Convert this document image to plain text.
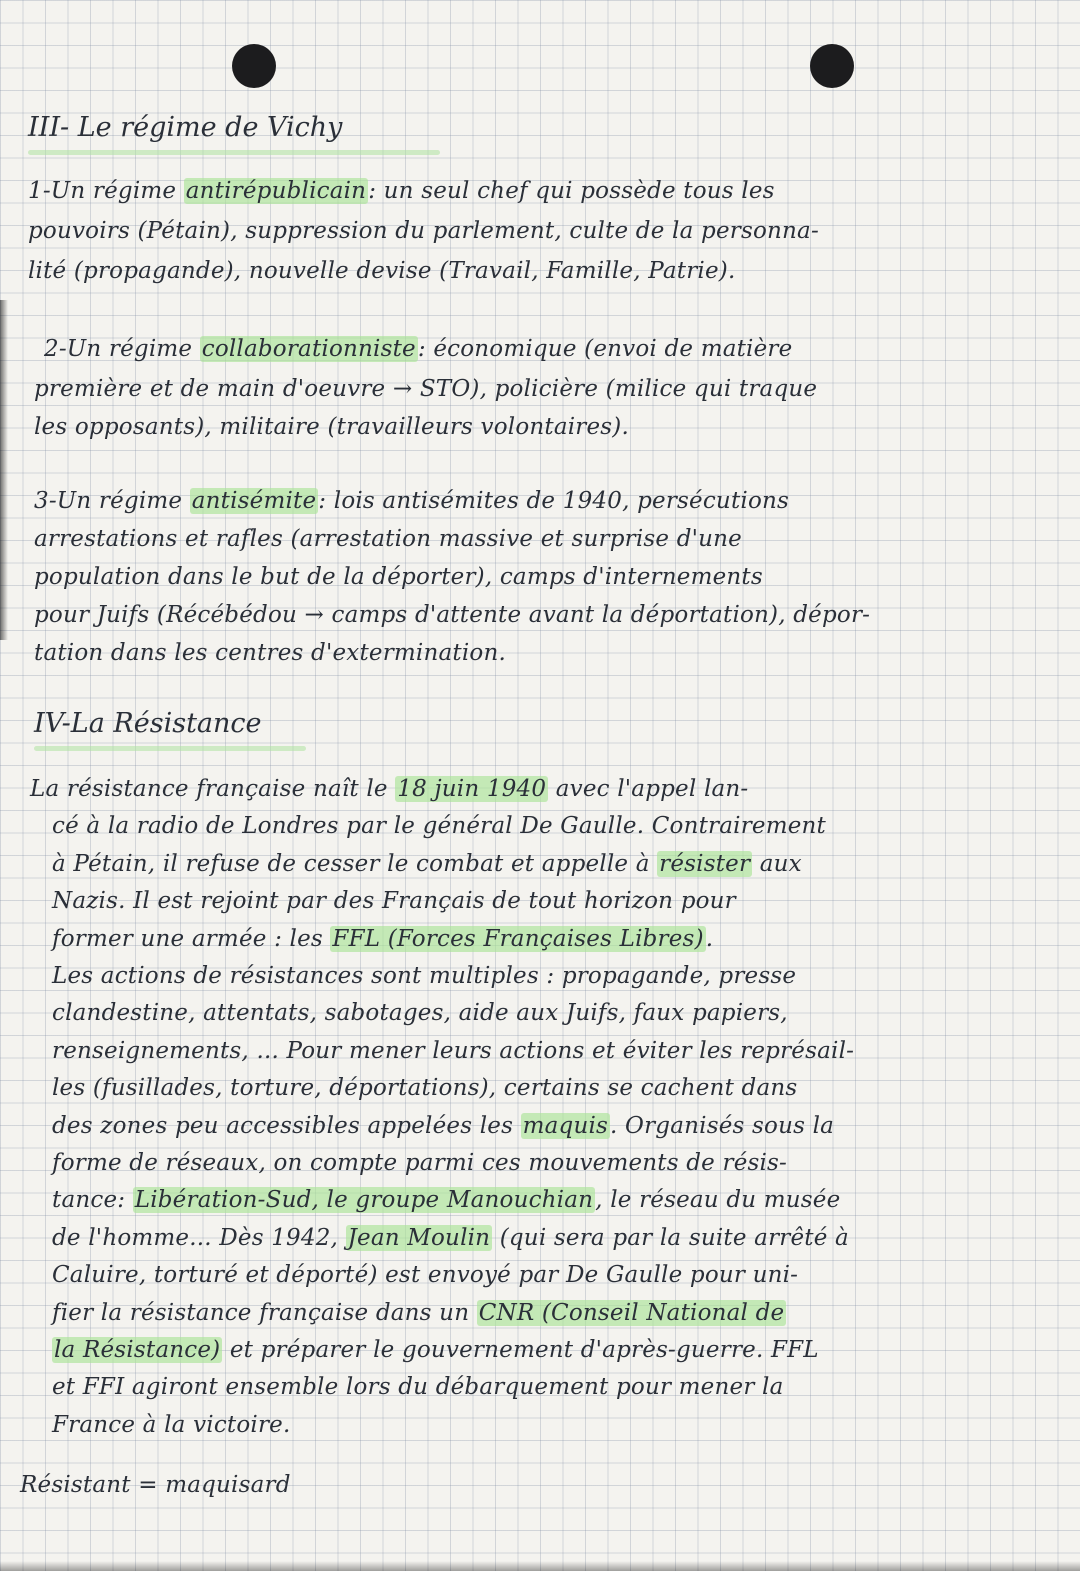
III- Le régime de Vichy

1-Un régime antirépublicain: un seul chef qui possède tous les

pouvoirs (Pétain), suppression du parlement, culte de la personna-

lité (propagande), nouvelle devise (Travail, Famille, Patrie).

2-Un régime collaborationniste: économique (envoi de matière

première et de main d'oeuvre → STO), policière (milice qui traque

les opposants), militaire (travailleurs volontaires).

3-Un régime antisémite: lois antisémites de 1940, persécutions

arrestations et rafles (arrestation massive et surprise d'une

population dans le but de la déporter), camps d'internements

pour Juifs (Récébédou → camps d'attente avant la déportation), dépor-

tation dans les centres d'extermination.

IV-La Résistance

La résistance française naît le 18 juin 1940 avec l'appel lan-

cé à la radio de Londres par le général De Gaulle. Contrairement

à Pétain, il refuse de cesser le combat et appelle à résister aux

Nazis. Il est rejoint par des Français de tout horizon pour

former une armée : les FFL (Forces Françaises Libres).

Les actions de résistances sont multiples : propagande, presse

clandestine, attentats, sabotages, aide aux Juifs, faux papiers,

renseignements, ... Pour mener leurs actions et éviter les représail-

les (fusillades, torture, déportations), certains se cachent dans

des zones peu accessibles appelées les maquis. Organisés sous la

forme de réseaux, on compte parmi ces mouvements de résis-

tance: Libération-Sud, le groupe Manouchian, le réseau du musée

de l'homme... Dès 1942, Jean Moulin (qui sera par la suite arrêté à

Caluire, torturé et déporté) est envoyé par De Gaulle pour uni-

fier la résistance française dans un CNR (Conseil National de

la Résistance) et préparer le gouvernement d'après-guerre. FFL

et FFI agiront ensemble lors du débarquement pour mener la

France à la victoire.

Résistant = maquisard
